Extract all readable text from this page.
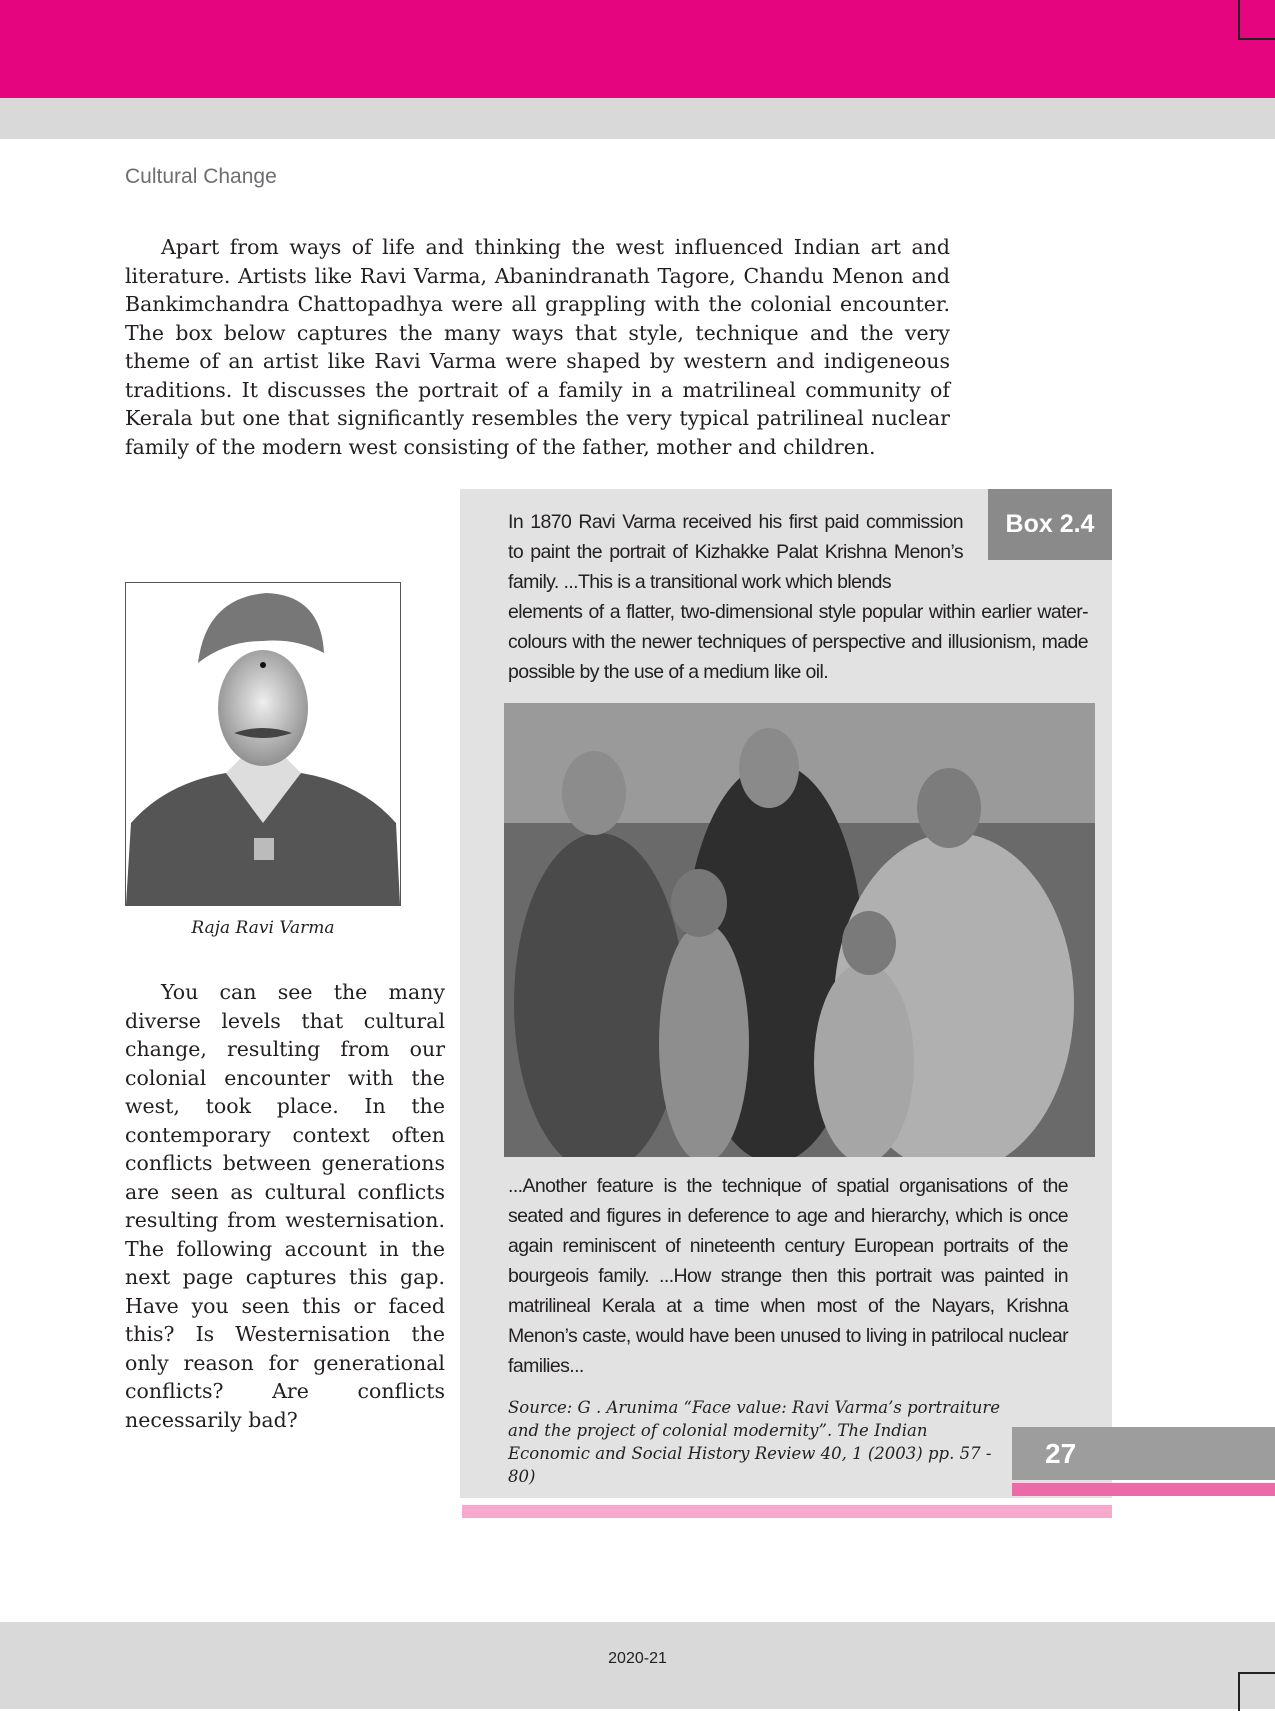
Cultural Change

Apart from ways of life and thinking the west influenced Indian art and literature. Artists like Ravi Varma, Abanindranath Tagore, Chandu Menon and Bankimchandra Chattopadhya were all grappling with the colonial encounter. The box below captures the many ways that style, technique and the very theme of an artist like Ravi Varma were shaped by western and indigeneous traditions. It discusses the portrait of a family in a matrilineal community of Kerala but one that significantly resembles the very typical patrilineal nuclear family of the modern west consisting of the father, mother and children.

Raja Ravi Varma

You can see the many diverse levels that cultural change, resulting from our colonial encounter with the west, took place. In the contemporary context often conflicts between generations are seen as cultural conflicts resulting from westernisation. The following account in the next page captures this gap. Have you seen this or faced this? Is Westernisation the only reason for generational conflicts? Are conflicts necessarily bad?

Box 2.4

In 1870 Ravi Varma received his first paid commission to paint the portrait of Kizhakke Palat Krishna Menon’s family. ...This is a transitional work which blends
elements of a flatter, two-dimensional style popular within earlier water-colours with the newer techniques of perspective and illusionism, made possible by the use of a medium like oil.

...Another feature is the technique of spatial organisations of the seated and figures in deference to age and hierarchy, which is once again reminiscent of nineteenth century European portraits of the bourgeois family. ...How strange then this portrait was painted in matrilineal Kerala at a time when most of the Nayars, Krishna Menon’s caste, would have been unused to living in patrilocal nuclear families...

Source: G . Arunima “Face value: Ravi Varma’s portraiture and the project of colonial modernity”. The Indian Economic and Social History Review 40, 1 (2003) pp. 57 - 80)

27
2020-21
